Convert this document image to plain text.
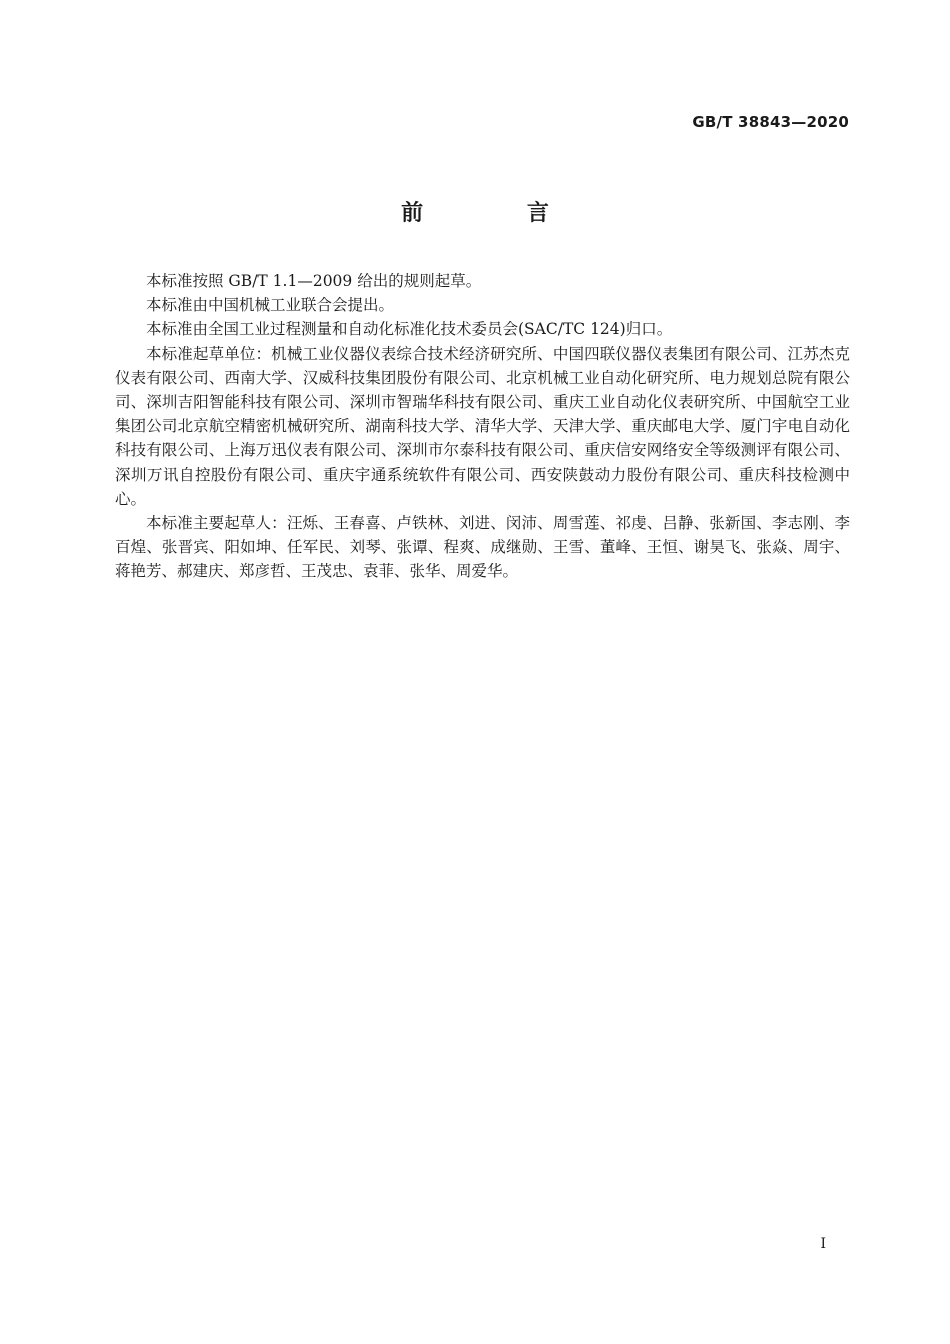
GB/T 38843—2020
前 言

本标准按照 GB/T 1.1—2009 给出的规则起草。

本标准由中国机械工业联合会提出。

本标准由全国工业过程测量和自动化标准化技术委员会(SAC/TC 124)归口。

本标准起草单位：机械工业仪器仪表综合技术经济研究所、中国四联仪器仪表集团有限公司、江苏杰克仪表有限公司、西南大学、汉威科技集团股份有限公司、北京机械工业自动化研究所、电力规划总院有限公司、深圳吉阳智能科技有限公司、深圳市智瑞华科技有限公司、重庆工业自动化仪表研究所、中国航空工业集团公司北京航空精密机械研究所、湖南科技大学、清华大学、天津大学、重庆邮电大学、厦门宇电自动化科技有限公司、上海万迅仪表有限公司、深圳市尔泰科技有限公司、重庆信安网络安全等级测评有限公司、深圳万讯自控股份有限公司、重庆宇通系统软件有限公司、西安陕鼓动力股份有限公司、重庆科技检测中心。

本标准主要起草人：汪烁、王春喜、卢铁林、刘进、闵沛、周雪莲、祁虔、吕静、张新国、李志刚、李百煌、张晋宾、阳如坤、任军民、刘琴、张谭、程爽、成继勋、王雪、董峰、王恒、谢昊飞、张焱、周宇、蒋艳芳、郝建庆、郑彦哲、王茂忠、袁菲、张华、周爱华。

I
